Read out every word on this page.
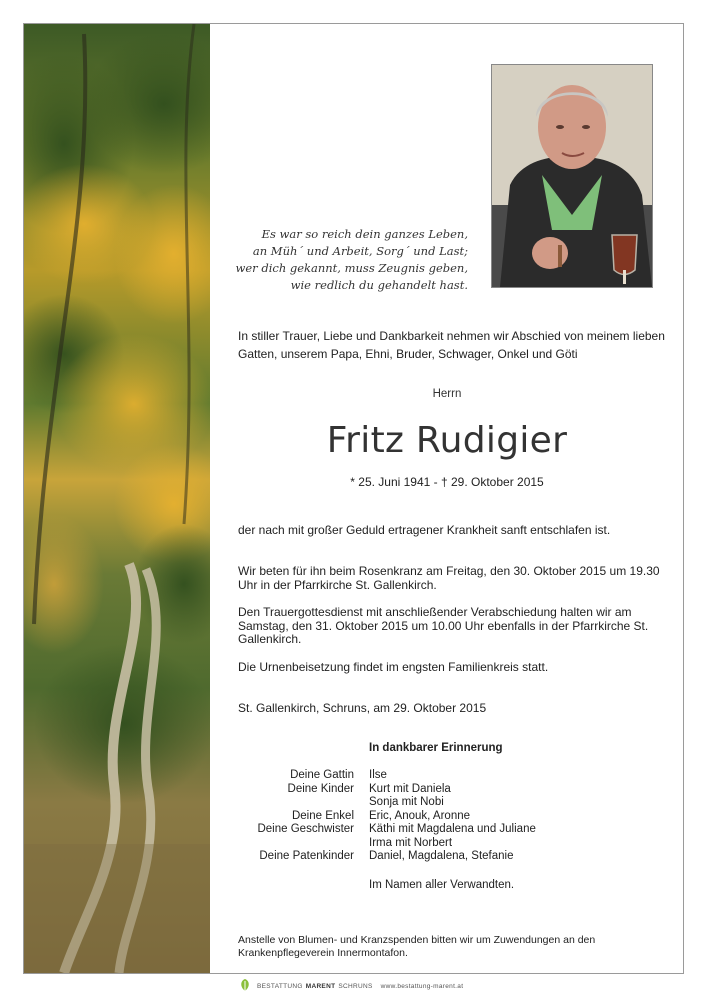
Es war so reich dein ganzes Leben,
an Müh´ und Arbeit, Sorg´ und Last;
wer dich gekannt, muss Zeugnis geben,
wie redlich du gehandelt hast.
In stiller Trauer, Liebe und Dankbarkeit nehmen wir Abschied von meinem lieben Gatten, unserem Papa, Ehni, Bruder, Schwager, Onkel und Göti
Herrn
Fritz Rudigier
* 25. Juni 1941 - † 29. Oktober 2015
der nach mit großer Geduld ertragener Krankheit sanft entschlafen ist.
Wir beten für ihn beim Rosenkranz am Freitag, den 30. Oktober 2015 um 19.30 Uhr in der Pfarrkirche St. Gallenkirch.
Den Trauergottesdienst mit anschließender Verabschiedung halten wir am Samstag, den 31. Oktober 2015 um 10.00 Uhr ebenfalls in der Pfarrkirche St. Gallenkirch.
Die Urnenbeisetzung findet im engsten Familienkreis statt.
St. Gallenkirch, Schruns, am 29. Oktober 2015
In dankbarer Erinnerung
Deine Gattin	Ilse
Deine Kinder	Kurt mit Daniela
Sonja mit Nobi
Deine Enkel	Eric, Anouk, Aronne
Deine Geschwister	Käthi mit Magdalena und Juliane
Irma mit Norbert
Deine Patenkinder	Daniel, Magdalena, Stefanie
Im Namen aller Verwandten.
Anstelle von Blumen- und Kranzspenden bitten wir um Zuwendungen an den Krankenpflegeverein Innermontafon.
BESTATTUNG MARENT SCHRUNS www.bestattung-marent.at
